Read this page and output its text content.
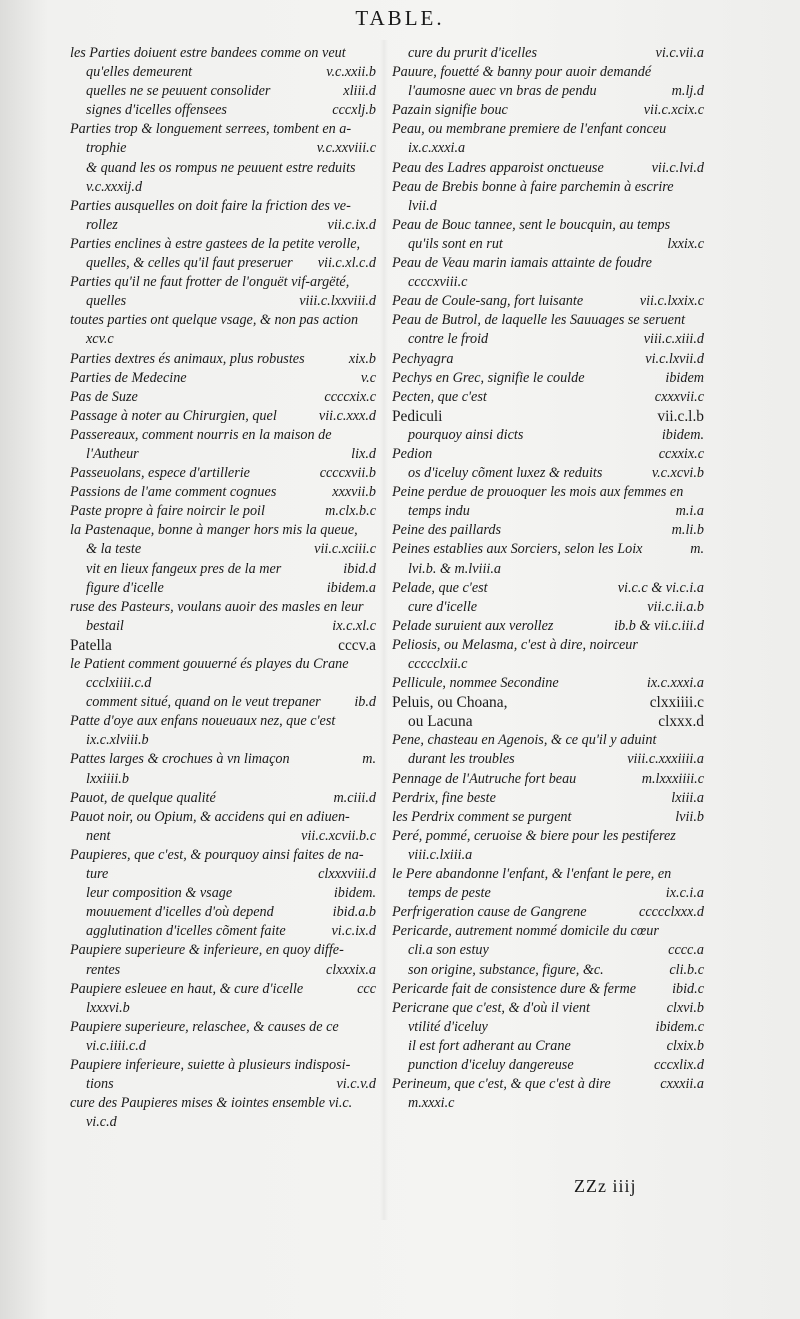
TABLE.
les Parties doiuent estre bandees comme on veut
qu'elles demeurent	v.c.xxii.b
quelles ne se peuuent consolider	xliii.d
signes d'icelles offensees	cccxlj.b
Parties trop & longuement serrees, tombent en a-
trophie	v.c.xxviii.c
& quand les os rompus ne peuuent estre reduits
v.c.xxxij.d
Parties ausquelles on doit faire la friction des ve-
rollez	vii.c.ix.d
Parties enclines à estre gastees de la petite verolle,
quelles, & celles qu'il faut preseruer vii.c.xl.c.d
Parties qu'il ne faut frotter de l'onguët vif-argëté,
quelles	viii.c.lxxviii.d
toutes parties ont quelque vsage, & non pas action
xcv.c
Parties dextres és animaux, plus robustes	xix.b
Parties de Medecine	v.c
Pas de Suze	ccccxix.c
Passage à noter au Chirurgien, quel	vii.c.xxx.d
Passereaux, comment nourris en la maison de
l'Autheur	lix.d
Passeuolans, espece d'artillerie	ccccxvii.b
Passions de l'ame comment cognues	xxxvii.b
Paste propre à faire noircir le poil	m.clx.b.c
la Pastenaque, bonne à manger hors mis la queue,
& la teste	vii.c.xciii.c
vit en lieux fangeux pres de la mer	ibid.d
figure d'icelle	ibidem.a
ruse des Pasteurs, voulans auoir des masles en leur
bestail	ix.c.xl.c
Patella	cccv.a
le Patient comment gouuerné és playes du Crane
ccclxiiii.c.d
comment situé, quand on le veut trepaner ib.d
Patte d'oye aux enfans noueuaux nez, que c'est
ix.c.xlviii.b
Pattes larges & crochues à vn limaçon	m.
lxxiiii.b
Pauot, de quelque qualité	m.ciii.d
Pauot noir, ou Opium, & accidens qui en adiuen-
nent	vii.c.xcvii.b.c
Paupieres, que c'est, & pourquoy ainsi faites de na-
ture	clxxxviii.d
leur composition & vsage	ibidem.
mouuement d'icelles d'où depend	ibid.a.b
agglutination d'icelles cõment faite	vi.c.ix.d
Paupiere superieure & inferieure, en quoy diffe-
rentes	clxxxix.a
Paupiere esleuee en haut, & cure d'icelle	ccc
lxxxvi.b
Paupiere superieure, relaschee, & causes de ce
vi.c.iiii.c.d
Paupiere inferieure, suiette à plusieurs indisposi-
tions	vi.c.v.d
cure des Paupieres mises & iointes ensemble vi.c.
vi.c.d
cure du prurit d'icelles	vi.c.vii.a
Pauure, fouetté & banny pour auoir demandé
l'aumosne auec vn bras de pendu	m.lj.d
Pazain signifie bouc	vii.c.xcix.c
Peau, ou membrane premiere de l'enfant conceu
ix.c.xxxi.a
Peau des Ladres apparoist onctueuse	vii.c.lvi.d
Peau de Brebis bonne à faire parchemin à escrire
lvii.d
Peau de Bouc tannee, sent le boucquin, au temps
qu'ils sont en rut	lxxix.c
Peau de Veau marin iamais attainte de foudre
ccccxviii.c
Peau de Coule-sang, fort luisante	vii.c.lxxix.c
Peau de Butrol, de laquelle les Sauuages se seruent
contre le froid	viii.c.xiii.d
Pechyagra	vi.c.lxvii.d
Pechys en Grec, signifie le coulde	ibidem
Pecten, que c'est	cxxxvii.c
Pediculi	vii.c.l.b
pourquoy ainsi dicts	ibidem.
Pedion	ccxxix.c
os d'iceluy cõment luxez & reduits	v.c.xcvi.b
Peine perdue de prouoquer les mois aux femmes en
temps indu	m.i.a
Peine des paillards	m.li.b
Peines establies aux Sorciers, selon les Loix	m.
lvi.b. & m.lviii.a
Pelade, que c'est	vi.c.c & vi.c.i.a
cure d'icelle	vii.c.ii.a.b
Pelade suruient aux verollez	ib.b & vii.c.iii.d
Peliosis, ou Melasma, c'est à dire, noirceur
ccccclxii.c
Pellicule, nommee Secondine	ix.c.xxxi.a
Peluis, ou Choana,	clxxiiii.c
ou Lacuna	clxxx.d
Pene, chasteau en Agenois, & ce qu'il y aduint
durant les troubles	viii.c.xxxiiii.a
Pennage de l'Autruche fort beau	m.lxxxiiii.c
Perdrix, fine beste	lxiii.a
les Perdrix comment se purgent	lvii.b
Peré, pommé, ceruoise & biere pour les pestiferez
viii.c.lxiii.a
le Pere abandonne l'enfant, & l'enfant le pere, en
temps de peste	ix.c.i.a
Perfrigeration cause de Gangrene	ccccclxxx.d
Pericarde, autrement nommé domicile du cœur
cli.a son estuy	cccc.a
son origine, substance, figure, &c.	cli.b.c
Pericarde fait de consistence dure & ferme	ibid.c
Pericrane que c'est, & d'où il vient	clxvi.b
vtilité d'iceluy	ibidem.c
il est fort adherant au Crane	clxix.b
punction d'iceluy dangereuse	cccxlix.d
Perineum, que c'est, & que c'est à dire	cxxxii.a
m.xxxi.c
ZZz iiij
